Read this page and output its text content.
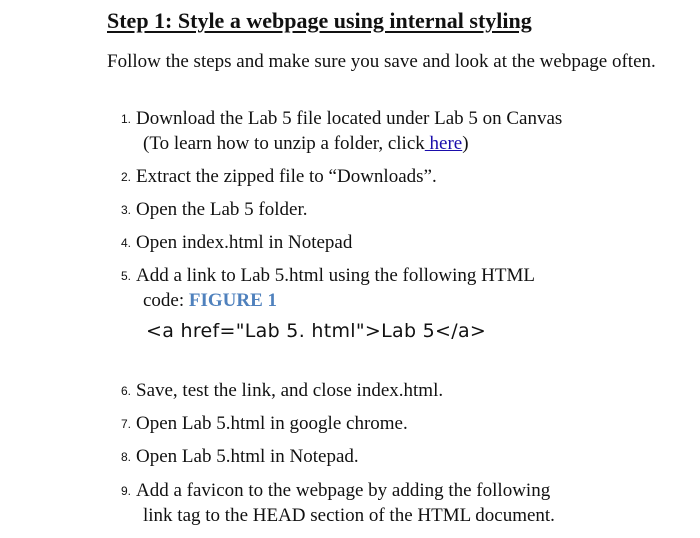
Step 1: Style a webpage using internal styling
Follow the steps and make sure you save and look at the webpage often.
1. Download the Lab 5 file located under Lab 5 on Canvas
(To learn how to unzip a folder, click here)
2. Extract the zipped file to “Downloads”.
3. Open the Lab 5 folder.
4. Open index.html in Notepad
5. Add a link to Lab 5.html using the following HTML
code: FIGURE 1
<a href="Lab 5. html">Lab 5</a>
6. Save, test the link, and close index.html.
7. Open Lab 5.html in google chrome.
8. Open Lab 5.html in Notepad.
9. Add a favicon to the webpage by adding the following
link tag to the HEAD section of the HTML document.
